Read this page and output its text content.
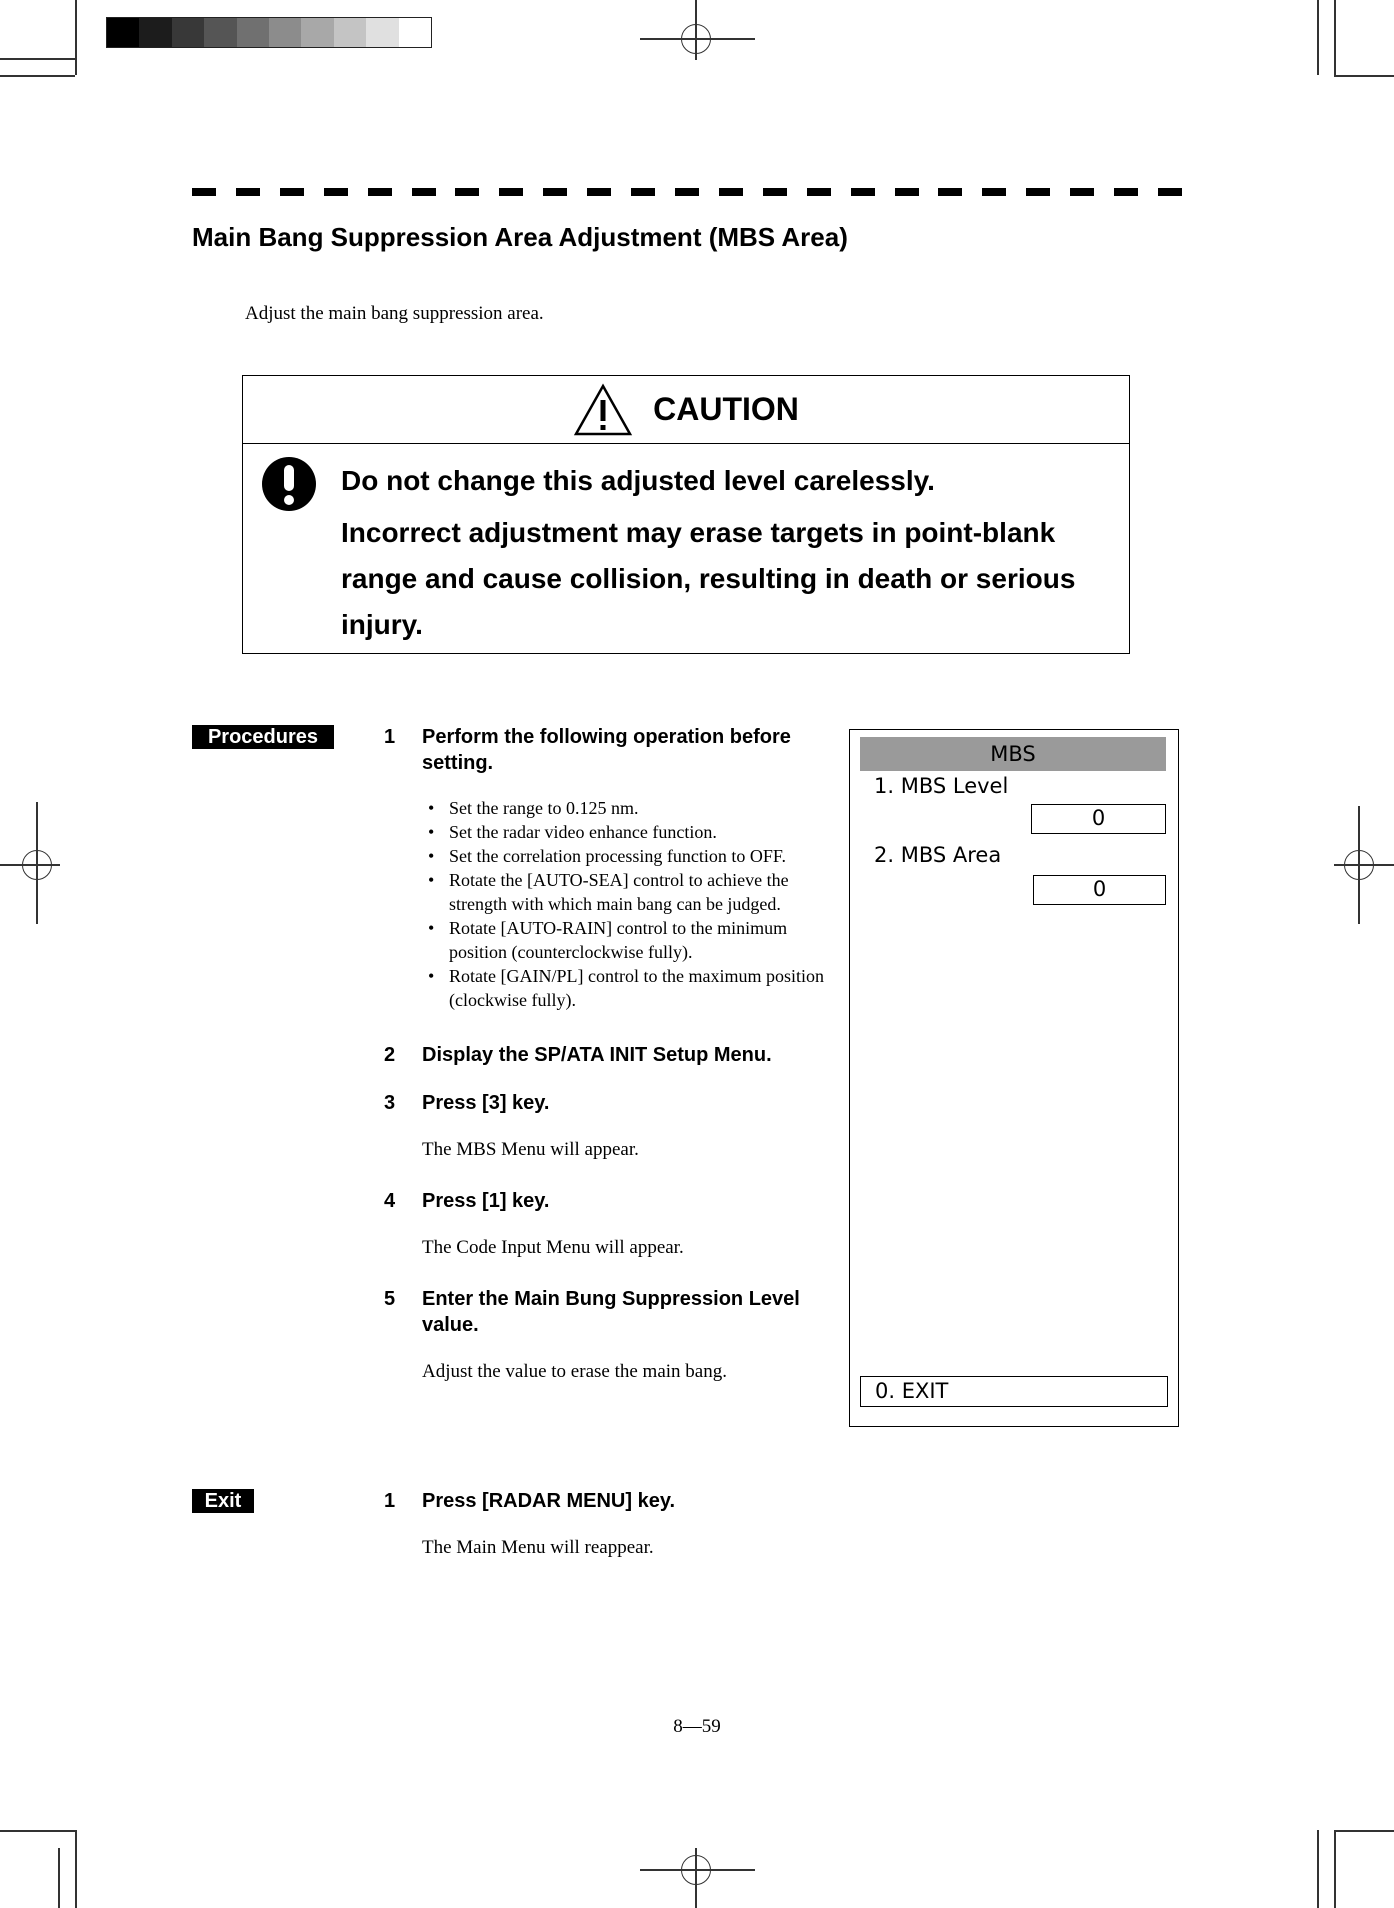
Main Bang Suppression Area Adjustment (MBS Area)
Adjust the main bang suppression area.
CAUTION

Do not change this adjusted level carelessly.

Incorrect adjustment may erase targets in point-blank range and cause collision, resulting in death or serious injury.

Procedures	1 Perform the following operation before setting.
• Set the range to 0.125 nm.
• Set the radar video enhance function.
• Set the correlation processing function to OFF.
• Rotate the [AUTO-SEA] control to achieve the strength with which main bang can be judged.
• Rotate [AUTO-RAIN] control to the minimum position (counterclockwise fully).
• Rotate [GAIN/PL] control to the maximum position (clockwise fully).
2 Display the SP/ATA INIT Setup Menu.
3 Press [3] key.
The MBS Menu will appear.
4 Press [1] key.
The Code Input Menu will appear.
5 Enter the Main Bung Suppression Level value.
Adjust the value to erase the main bang.
MBS
1. MBS Level
0
2. MBS Area
0
0. EXIT
Exit	1 Press [RADAR MENU] key.
The Main Menu will reappear.
8—59
